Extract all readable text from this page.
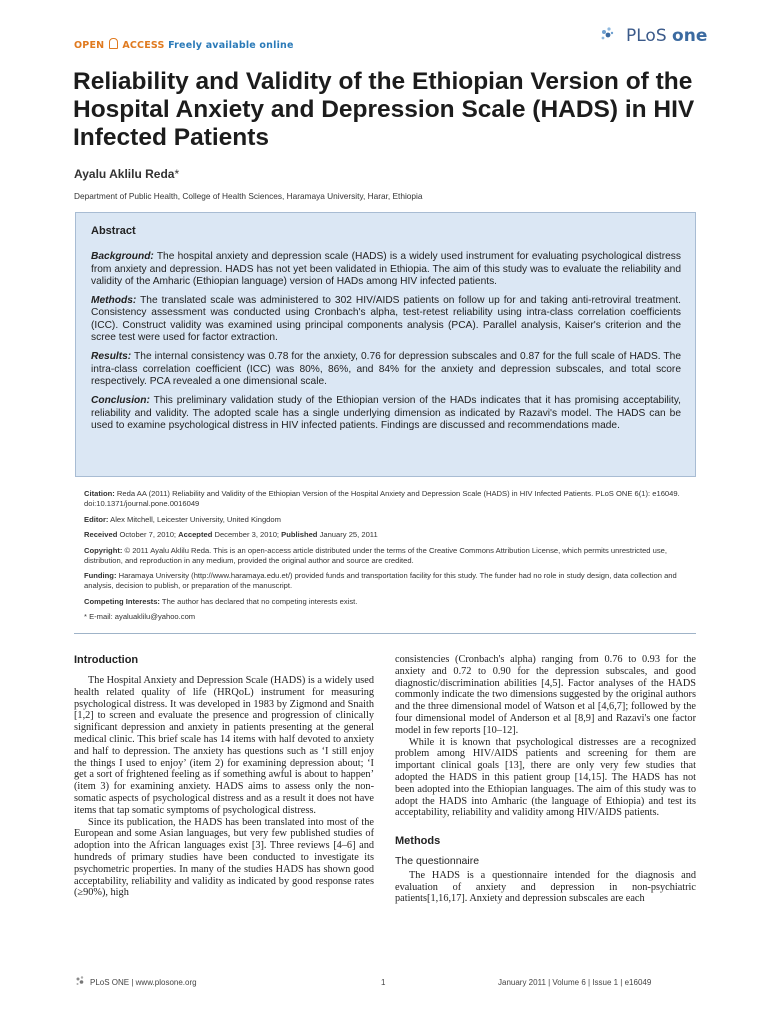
OPEN ACCESS Freely available online	PLoS one
Reliability and Validity of the Ethiopian Version of the Hospital Anxiety and Depression Scale (HADS) in HIV Infected Patients
Ayalu Aklilu Reda*
Department of Public Health, College of Health Sciences, Haramaya University, Harar, Ethiopia
Abstract

Background: The hospital anxiety and depression scale (HADS) is a widely used instrument for evaluating psychological distress from anxiety and depression. HADS has not yet been validated in Ethiopia. The aim of this study was to evaluate the reliability and validity of the Amharic (Ethiopian language) version of HADs among HIV infected patients.

Methods: The translated scale was administered to 302 HIV/AIDS patients on follow up for and taking anti-retroviral treatment. Consistency assessment was conducted using Cronbach's alpha, test-retest reliability using intra-class correlation coefficients (ICC). Construct validity was examined using principal components analysis (PCA). Parallel analysis, Kaiser's criterion and the scree test were used for factor extraction.

Results: The internal consistency was 0.78 for the anxiety, 0.76 for depression subscales and 0.87 for the full scale of HADS. The intra-class correlation coefficient (ICC) was 80%, 86%, and 84% for the anxiety and depression subscales, and total score respectively. PCA revealed a one dimensional scale.

Conclusion: This preliminary validation study of the Ethiopian version of the HADs indicates that it has promising acceptability, reliability and validity. The adopted scale has a single underlying dimension as indicated by Razavi's model. The HADS can be used to examine psychological distress in HIV infected patients. Findings are discussed and recommendations made.

Citation: Reda AA (2011) Reliability and Validity of the Ethiopian Version of the Hospital Anxiety and Depression Scale (HADS) in HIV Infected Patients. PLoS ONE 6(1): e16049. doi:10.1371/journal.pone.0016049

Editor: Alex Mitchell, Leicester University, United Kingdom

Received October 7, 2010; Accepted December 3, 2010; Published January 25, 2011

Copyright: © 2011 Ayalu Aklilu Reda. This is an open-access article distributed under the terms of the Creative Commons Attribution License, which permits unrestricted use, distribution, and reproduction in any medium, provided the original author and source are credited.

Funding: Haramaya University (http://www.haramaya.edu.et/) provided funds and transportation facility for this study. The funder had no role in study design, data collection and analysis, decision to publish, or preparation of the manuscript.

Competing Interests: The author has declared that no competing interests exist.

* E-mail: ayaluaklilu@yahoo.com

Introduction

The Hospital Anxiety and Depression Scale (HADS) is a widely used health related quality of life (HRQoL) instrument for measuring psychological distress. It was developed in 1983 by Zigmond and Snaith [1,2] to screen and evaluate the presence and progression of clinically significant depression and anxiety in patients presenting at the general medical clinic. This brief scale has 14 items with half devoted to anxiety and half to depression. The anxiety has questions such as ‘I still enjoy the things I used to enjoy’ (item 2) for examining depression about; ‘I get a sort of frightened feeling as if something awful is about to happen’ (item 3) for examining anxiety. HADS aims to assess only the non-somatic aspects of psychological distress and as a result it does not have items that tap somatic symptoms of psychological distress.

Since its publication, the HADS has been translated into most of the European and some Asian languages, but very few published studies of adoption into the African languages exist [3]. Three reviews [4–6] and hundreds of primary studies have been conducted to investigate its psychometric properties. In many of the studies HADS has shown good acceptability, reliability and validity as indicated by good response rates (≥90%), high

consistencies (Cronbach's alpha) ranging from 0.76 to 0.93 for the anxiety and 0.72 to 0.90 for the depression subscales, and good diagnostic/discrimination abilities [4,5]. Factor analyses of the HADS commonly indicate the two dimensions suggested by the original authors and the three dimensional model of Watson et al [4,6,7]; followed by the four dimensional model of Anderson et al [8,9] and Razavi's one factor model in few reports [10–12].

While it is known that psychological distresses are a recognized problem among HIV/AIDS patients and screening for them are important clinical goals [13], there are only very few studies that adopted the HADS in this patient group [14,15]. The HADS has not been adopted into the Ethiopian languages. The aim of this study was to adopt the HADS into Amharic (the language of Ethiopia) and test its acceptability, reliability and validity among HIV/AIDS patients.

Methods
The questionnaire

The HADS is a questionnaire intended for the diagnosis and evaluation of anxiety and depression in non-psychiatric patients[1,16,17]. Anxiety and depression subscales are each

PLoS ONE | www.plosone.org	1	January 2011 | Volume 6 | Issue 1 | e16049
